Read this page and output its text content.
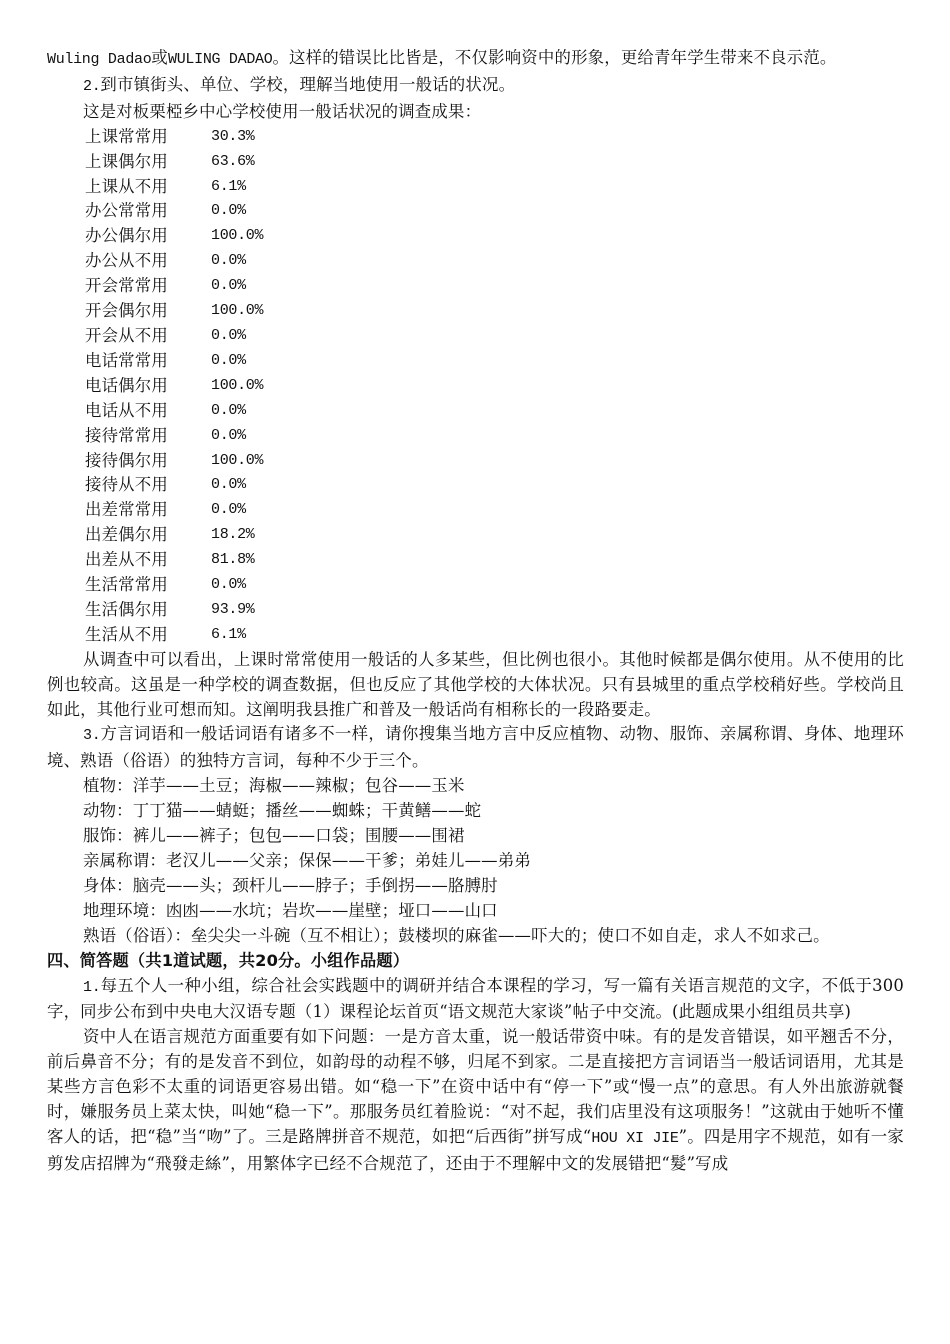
Wuling Dadao或WULING DADAO。这样的错误比比皆是，不仅影响资中的形象，更给青年学生带来不良示范。

2.到市镇街头、单位、学校，理解当地使用一般话的状况。

这是对板栗椏乡中心学校使用一般话状况的调查成果：

上课常常用	30.3%
上课偶尔用	63.6%
上课从不用	6.1%
办公常常用	0.0%
办公偶尔用	100.0%
办公从不用	0.0%
开会常常用	0.0%
开会偶尔用	100.0%
开会从不用	0.0%
电话常常用	0.0%
电话偶尔用	100.0%
电话从不用	0.0%
接待常常用	0.0%
接待偶尔用	100.0%
接待从不用	0.0%
出差常常用	0.0%
出差偶尔用	18.2%
出差从不用	81.8%
生活常常用	0.0%
生活偶尔用	93.9%
生活从不用	6.1%

从调查中可以看出，上课时常常使用一般话的人多某些，但比例也很小。其他时候都是偶尔使用。从不使用的比例也较高。这虽是一种学校的调查数据，但也反应了其他学校的大体状况。只有县城里的重点学校稍好些。学校尚且如此，其他行业可想而知。这阐明我县推广和普及一般话尚有相称长的一段路要走。

3.方言词语和一般话词语有诸多不一样，请你搜集当地方言中反应植物、动物、服饰、亲属称谓、身体、地理环境、熟语（俗语）的独特方言词，每种不少于三个。

植物：洋芋——土豆；海椒——辣椒；包谷——玉米

动物：丁丁猫——蜻蜓；播丝——蜘蛛；干黄鳝——蛇

服饰：裤儿——裤子；包包——口袋；围腰——围裙

亲属称谓：老汉儿——父亲；保保——干爹；弟娃儿——弟弟

身体：脑壳——头；颈杆儿——脖子；手倒拐——胳膊肘

地理环境：凼凼——水坑；岩坎——崖壁；垭口——山口

熟语（俗语）：垒尖尖一斗碗（互不相让）；鼓楼坝的麻雀——吓大的；使口不如自走，求人不如求己。

四、简答题（共1道试题，共20分。小组作品题）

1.每五个人一种小组，综合社会实践题中的调研并结合本课程的学习，写一篇有关语言规范的文字，不低于300字，同步公布到中央电大汉语专题（1）课程论坛首页“语文规范大家谈”帖子中交流。(此题成果小组组员共享)

资中人在语言规范方面重要有如下问题：一是方音太重，说一般话带资中味。有的是发音错误，如平翘舌不分，前后鼻音不分；有的是发音不到位，如韵母的动程不够，归尾不到家。二是直接把方言词语当一般话词语用，尤其是某些方言色彩不太重的词语更容易出错。如“稳一下”在资中话中有“停一下”或“慢一点”的意思。有人外出旅游就餐时，嫌服务员上菜太快，叫她“稳一下”。那服务员红着脸说：“对不起，我们店里没有这项服务！”这就由于她听不懂客人的话，把“稳”当“吻”了。三是路牌拼音不规范，如把“后西街”拼写成“HOU XI JIE”。四是用字不规范，如有一家剪发店招牌为“飛發走絲”，用繁体字已经不合规范了，还由于不理解中文的发展错把“髮”写成
